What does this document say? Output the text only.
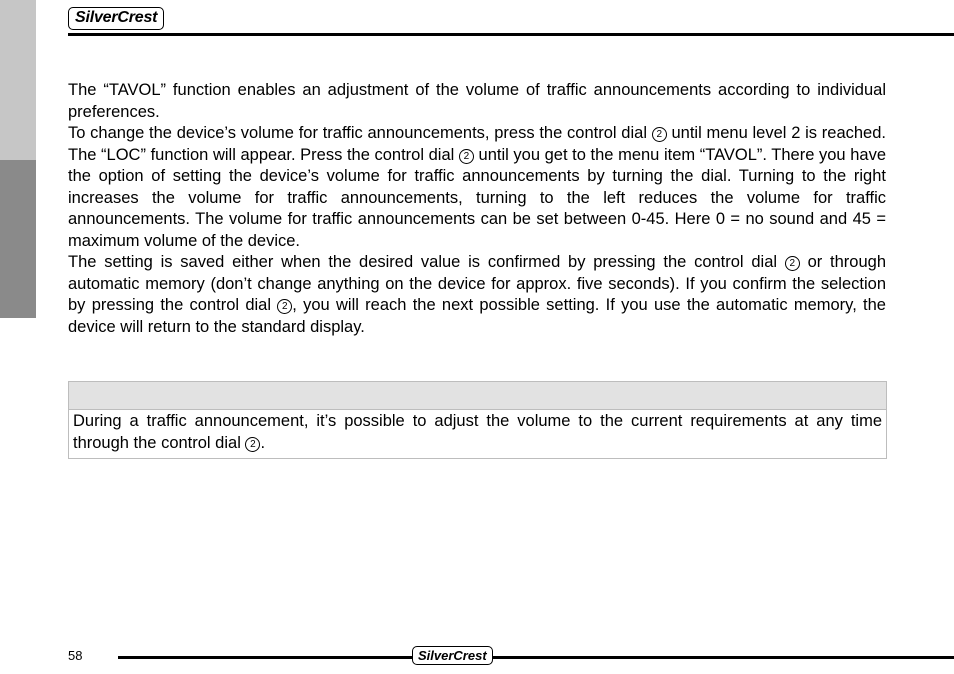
SilverCrest

The “TAVOL” function enables an adjustment of the volume of traffic announcements according to individual preferences.

To change the device’s volume for traffic announcements, press the control dial 2 until menu level 2 is reached. The “LOC” function will appear. Press the control dial 2 until you get to the menu item “TAVOL”. There you have the option of setting the device’s volume for traffic announcements by turning the dial. Turning to the right increases the volume for traffic announcements, turning to the left reduces the volume for traffic announcements. The volume for traffic announcements can be set between 0-45. Here 0 = no sound and 45 = maximum volume of the device.

The setting is saved either when the desired value is confirmed by pressing the control dial 2 or through automatic memory (don’t change anything on the device for approx. five seconds). If you confirm the selection by pressing the control dial 2 , you will reach the next possible setting. If you use the automatic memory, the device will return to the standard display.

During a traffic announcement, it’s possible to adjust the volume to the current requirements at any time through the control dial 2 .
58	SilverCrest
